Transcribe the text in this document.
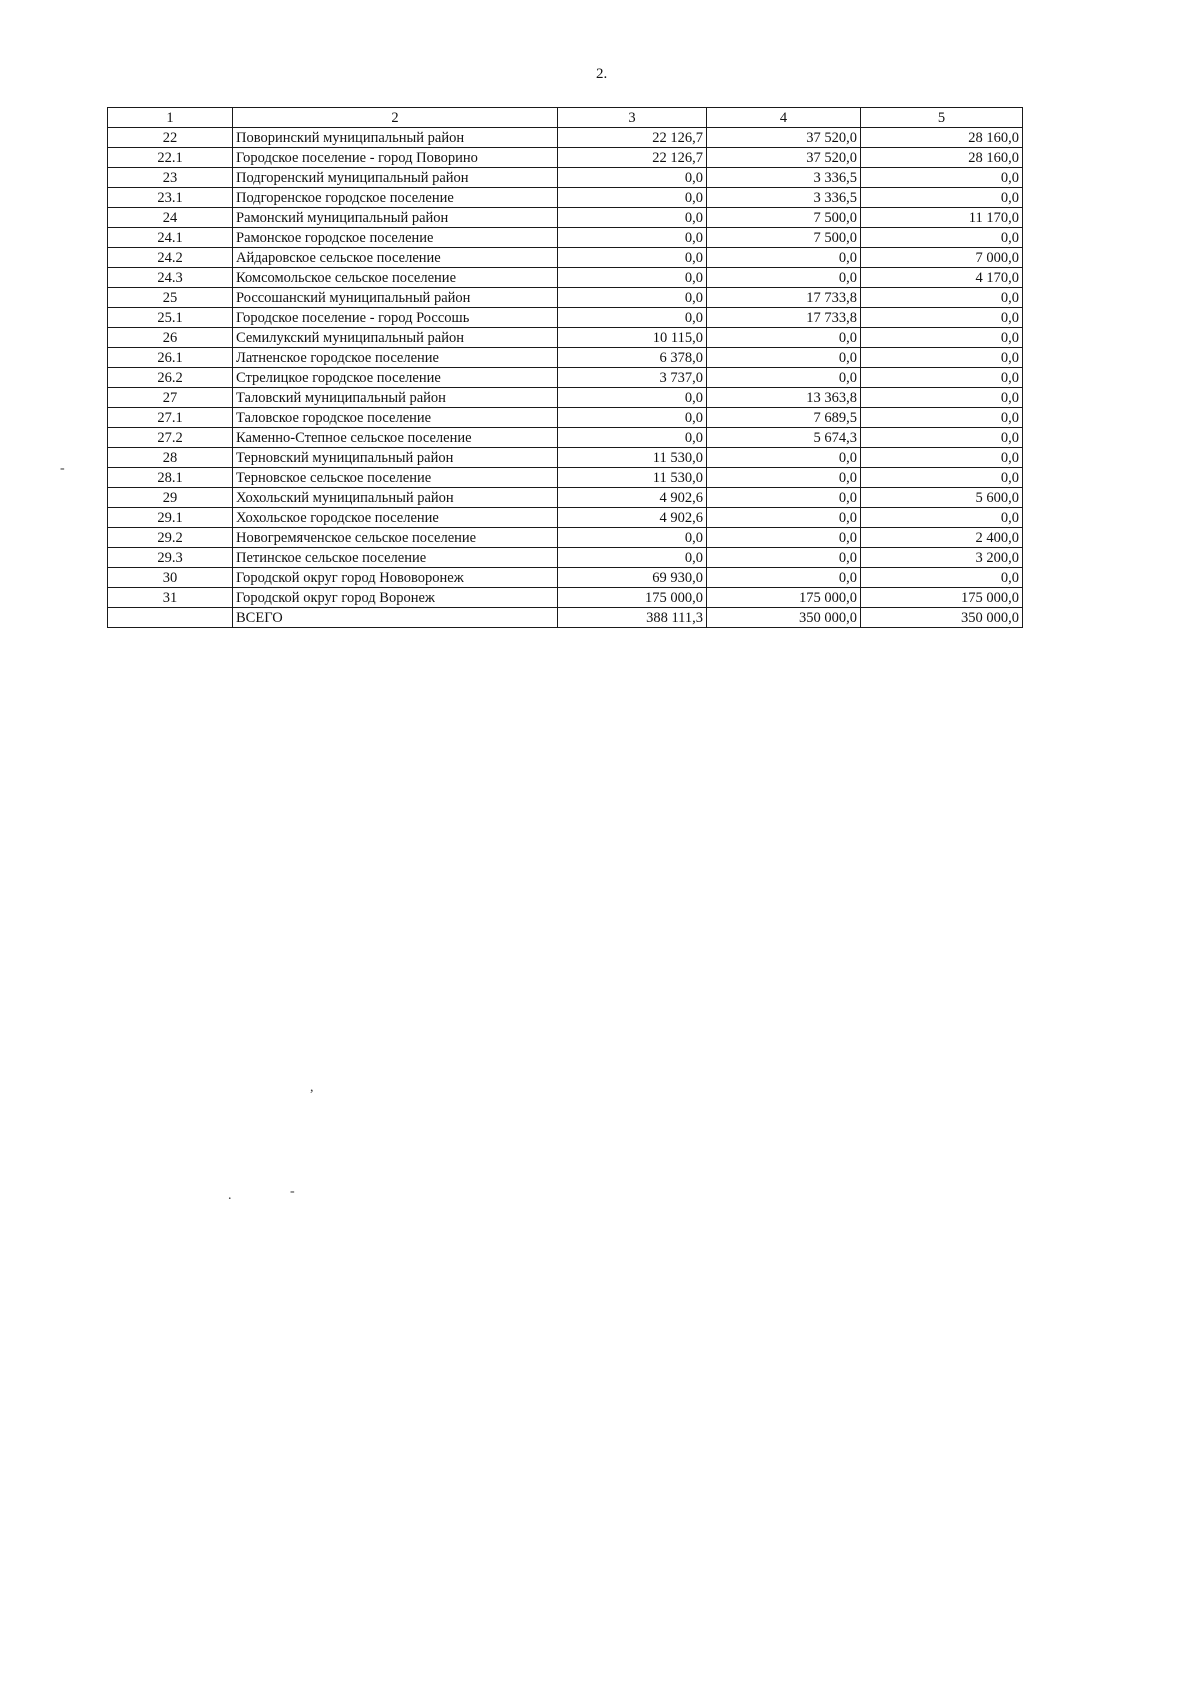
2.
1	2	3	4	5
22	Поворинский муниципальный район	22 126,7	37 520,0	28 160,0
22.1	Городское поселение - город Поворино	22 126,7	37 520,0	28 160,0
23	Подгоренский муниципальный район	0,0	3 336,5	0,0
23.1	Подгоренское городское поселение	0,0	3 336,5	0,0
24	Рамонский муниципальный район	0,0	7 500,0	11 170,0
24.1	Рамонское городское поселение	0,0	7 500,0	0,0
24.2	Айдаровское сельское поселение	0,0	0,0	7 000,0
24.3	Комсомольское сельское поселение	0,0	0,0	4 170,0
25	Россошанский муниципальный район	0,0	17 733,8	0,0
25.1	Городское поселение - город Россошь	0,0	17 733,8	0,0
26	Семилукский муниципальный район	10 115,0	0,0	0,0
26.1	Латненское городское поселение	6 378,0	0,0	0,0
26.2	Стрелицкое городское поселение	3 737,0	0,0	0,0
27	Таловский муниципальный район	0,0	13 363,8	0,0
27.1	Таловское городское поселение	0,0	7 689,5	0,0
27.2	Каменно-Степное сельское поселение	0,0	5 674,3	0,0
28	Терновский муниципальный район	11 530,0	0,0	0,0
28.1	Терновское сельское поселение	11 530,0	0,0	0,0
29	Хохольский муниципальный район	4 902,6	0,0	5 600,0
29.1	Хохольское городское поселение	4 902,6	0,0	0,0
29.2	Новогремяченское сельское поселение	0,0	0,0	2 400,0
29.3	Петинское сельское поселение	0,0	0,0	3 200,0
30	Городской округ город Нововоронеж	69 930,0	0,0	0,0
31	Городской округ город Воронеж	175 000,0	175 000,0	175 000,0
	ВСЕГО	388 111,3	350 000,0	350 000,0
-
,
.	-
